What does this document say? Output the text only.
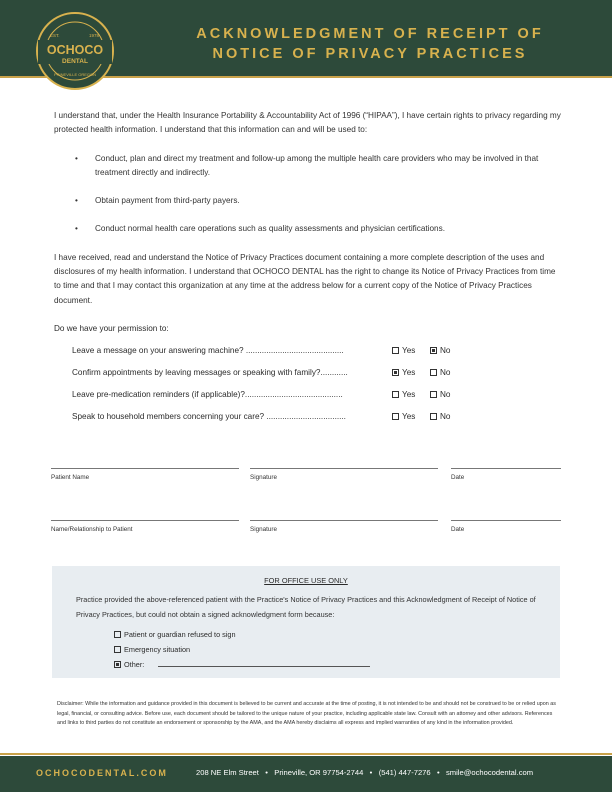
EST.	1978
OCHOCO
DENTAL
PRINEVILLE OREGON
ACKNOWLEDGMENT OF RECEIPT OF
NOTICE OF PRIVACY PRACTICES
I understand that, under the Health Insurance Portability & Accountability Act of 1996 (“HIPAA”), I have certain rights to privacy regarding my protected health information. I understand that this information can and will be used to:
• Conduct, plan and direct my treatment and follow-up among the multiple health care providers who may be involved in that treatment directly and indirectly.
• Obtain payment from third-party payers.
• Conduct normal health care operations such as quality assessments and physician certifications.
I have received, read and understand the Notice of Privacy Practices document containing a more complete description of the uses and disclosures of my health information. I understand that OCHOCO DENTAL has the right to change its Notice of Privacy Practices from time to time and that I may contact this organization at any time at the address below for a current copy of the Notice of Privacy Practices document.
Do we have your permission to:
Leave a message on your answering machine? ...........................................	Yes	No
Confirm appointments by leaving messages or speaking with family?............	Yes	No
Leave pre-medication reminders (if applicable)?...........................................	Yes	No
Speak to household members concerning your care? ...................................	Yes	No
Patient Name	Signature	Date
Name/Relationship to Patient	Signature	Date
FOR OFFICE USE ONLY
Practice provided the above-referenced patient with the Practice's Notice of Privacy Practices and this Acknowledgment of Receipt of Notice of Privacy Practices, but could not obtain a signed acknowledgment form because:
Patient or guardian refused to sign
Emergency situation
Other:
Disclaimer: While the information and guidance provided in this document is believed to be current and accurate at the time of posting, it is not intended to be and should not be construed to be or relied upon as legal, financial, or consulting advice. Before use, each document should be tailored to the unique nature of your practice, including applicable state law. Consult with an attorney and other advisors. References and links to third parties do not constitute an endorsement or sponsorship by the AMA, and the AMA hereby disclaims all express and implied warranties of any kind in the information provided.
OCHOCODENTAL.COM	208 NE Elm Street • Prineville, OR 97754-2744 • (541) 447-7276 • smile@ochocodental.com
